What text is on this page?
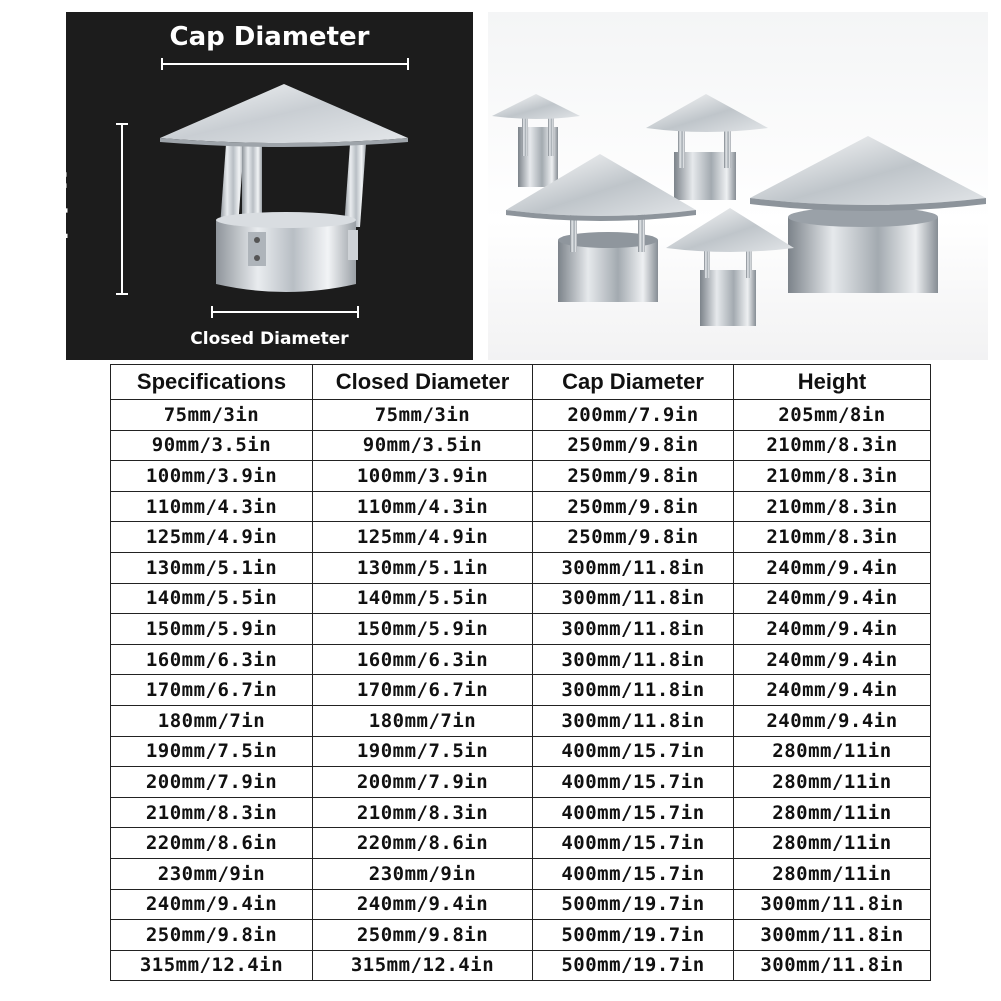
Cap Diameter
Height
Closed Diameter
Specifications	Closed Diameter	Cap Diameter	Height
75mm/3in	75mm/3in	200mm/7.9in	205mm/8in
90mm/3.5in	90mm/3.5in	250mm/9.8in	210mm/8.3in
100mm/3.9in	100mm/3.9in	250mm/9.8in	210mm/8.3in
110mm/4.3in	110mm/4.3in	250mm/9.8in	210mm/8.3in
125mm/4.9in	125mm/4.9in	250mm/9.8in	210mm/8.3in
130mm/5.1in	130mm/5.1in	300mm/11.8in	240mm/9.4in
140mm/5.5in	140mm/5.5in	300mm/11.8in	240mm/9.4in
150mm/5.9in	150mm/5.9in	300mm/11.8in	240mm/9.4in
160mm/6.3in	160mm/6.3in	300mm/11.8in	240mm/9.4in
170mm/6.7in	170mm/6.7in	300mm/11.8in	240mm/9.4in
180mm/7in	180mm/7in	300mm/11.8in	240mm/9.4in
190mm/7.5in	190mm/7.5in	400mm/15.7in	280mm/11in
200mm/7.9in	200mm/7.9in	400mm/15.7in	280mm/11in
210mm/8.3in	210mm/8.3in	400mm/15.7in	280mm/11in
220mm/8.6in	220mm/8.6in	400mm/15.7in	280mm/11in
230mm/9in	230mm/9in	400mm/15.7in	280mm/11in
240mm/9.4in	240mm/9.4in	500mm/19.7in	300mm/11.8in
250mm/9.8in	250mm/9.8in	500mm/19.7in	300mm/11.8in
315mm/12.4in	315mm/12.4in	500mm/19.7in	300mm/11.8in
